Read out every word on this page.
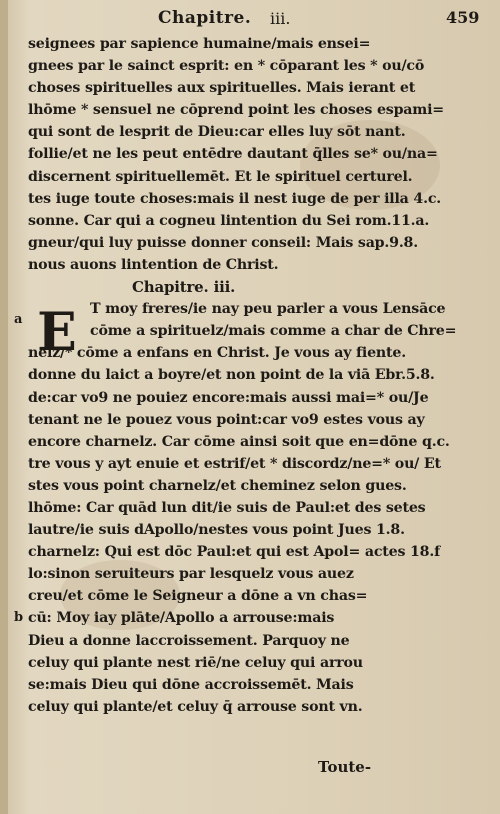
Chapitre. iii.	459
E
seignees par sapience humaine/mais ensei=
gnees par le sainct esprit: en * cōparant les * ou/cō
choses spirituelles aux spirituelles. Mais ierant et
lhōme * sensuel ne cōprend point les choses espami=
qui sont de lesprit de Dieu:car elles luy sōt nant.
follie/et ne les peut entēdre dautant q̄lles se* ou/na=
discernent spirituellemēt. Et le spirituel certurel.
tes iuge toute choses:mais il nest iuge de per illa 4.c.
sonne. Car qui a cogneu lintention du Sei rom.11.a.
gneur/qui luy puisse donner conseil: Mais sap.9.8.
nous auons lintention de Christ.
Chapitre. iii.
T moy freres/ie nay peu parler a vous Lensāce
cōme a spirituelz/mais comme a char de Chre=
nelz/* cōme a enfans en Christ. Je vous ay fiente.
donne du laict a boyre/et non point de la viā Ebr.5.8.
de:car vo9 ne pouiez encore:mais aussi mai=* ou/Je
tenant ne le pouez vous point:car vo9 estes vous ay
encore charnelz. Car cōme ainsi soit que en=dōne q.c.
tre vous y ayt enuie et estrif/et * discordz/ne=* ou/ Et
stes vous point charnelz/et cheminez selon gues.
lhōme: Car quād lun dit/ie suis de Paul:et des setes
lautre/ie suis dApollo/nestes vous point Jues 1.8.
charnelz: Qui est dōc Paul:et qui est Apol= actes 18.f
lo:sinon seruiteurs par lesquelz vous auez
creu/et cōme le Seigneur a dōne a vn chas=
cū: Moy iay plāte/Apollo a arrouse:mais
Dieu a donne laccroissement. Parquoy ne
celuy qui plante nest riē/ne celuy qui arrou
se:mais Dieu qui dōne accroissemēt. Mais
celuy qui plante/et celuy q̄ arrouse sont vn.
a
b
Toute-
